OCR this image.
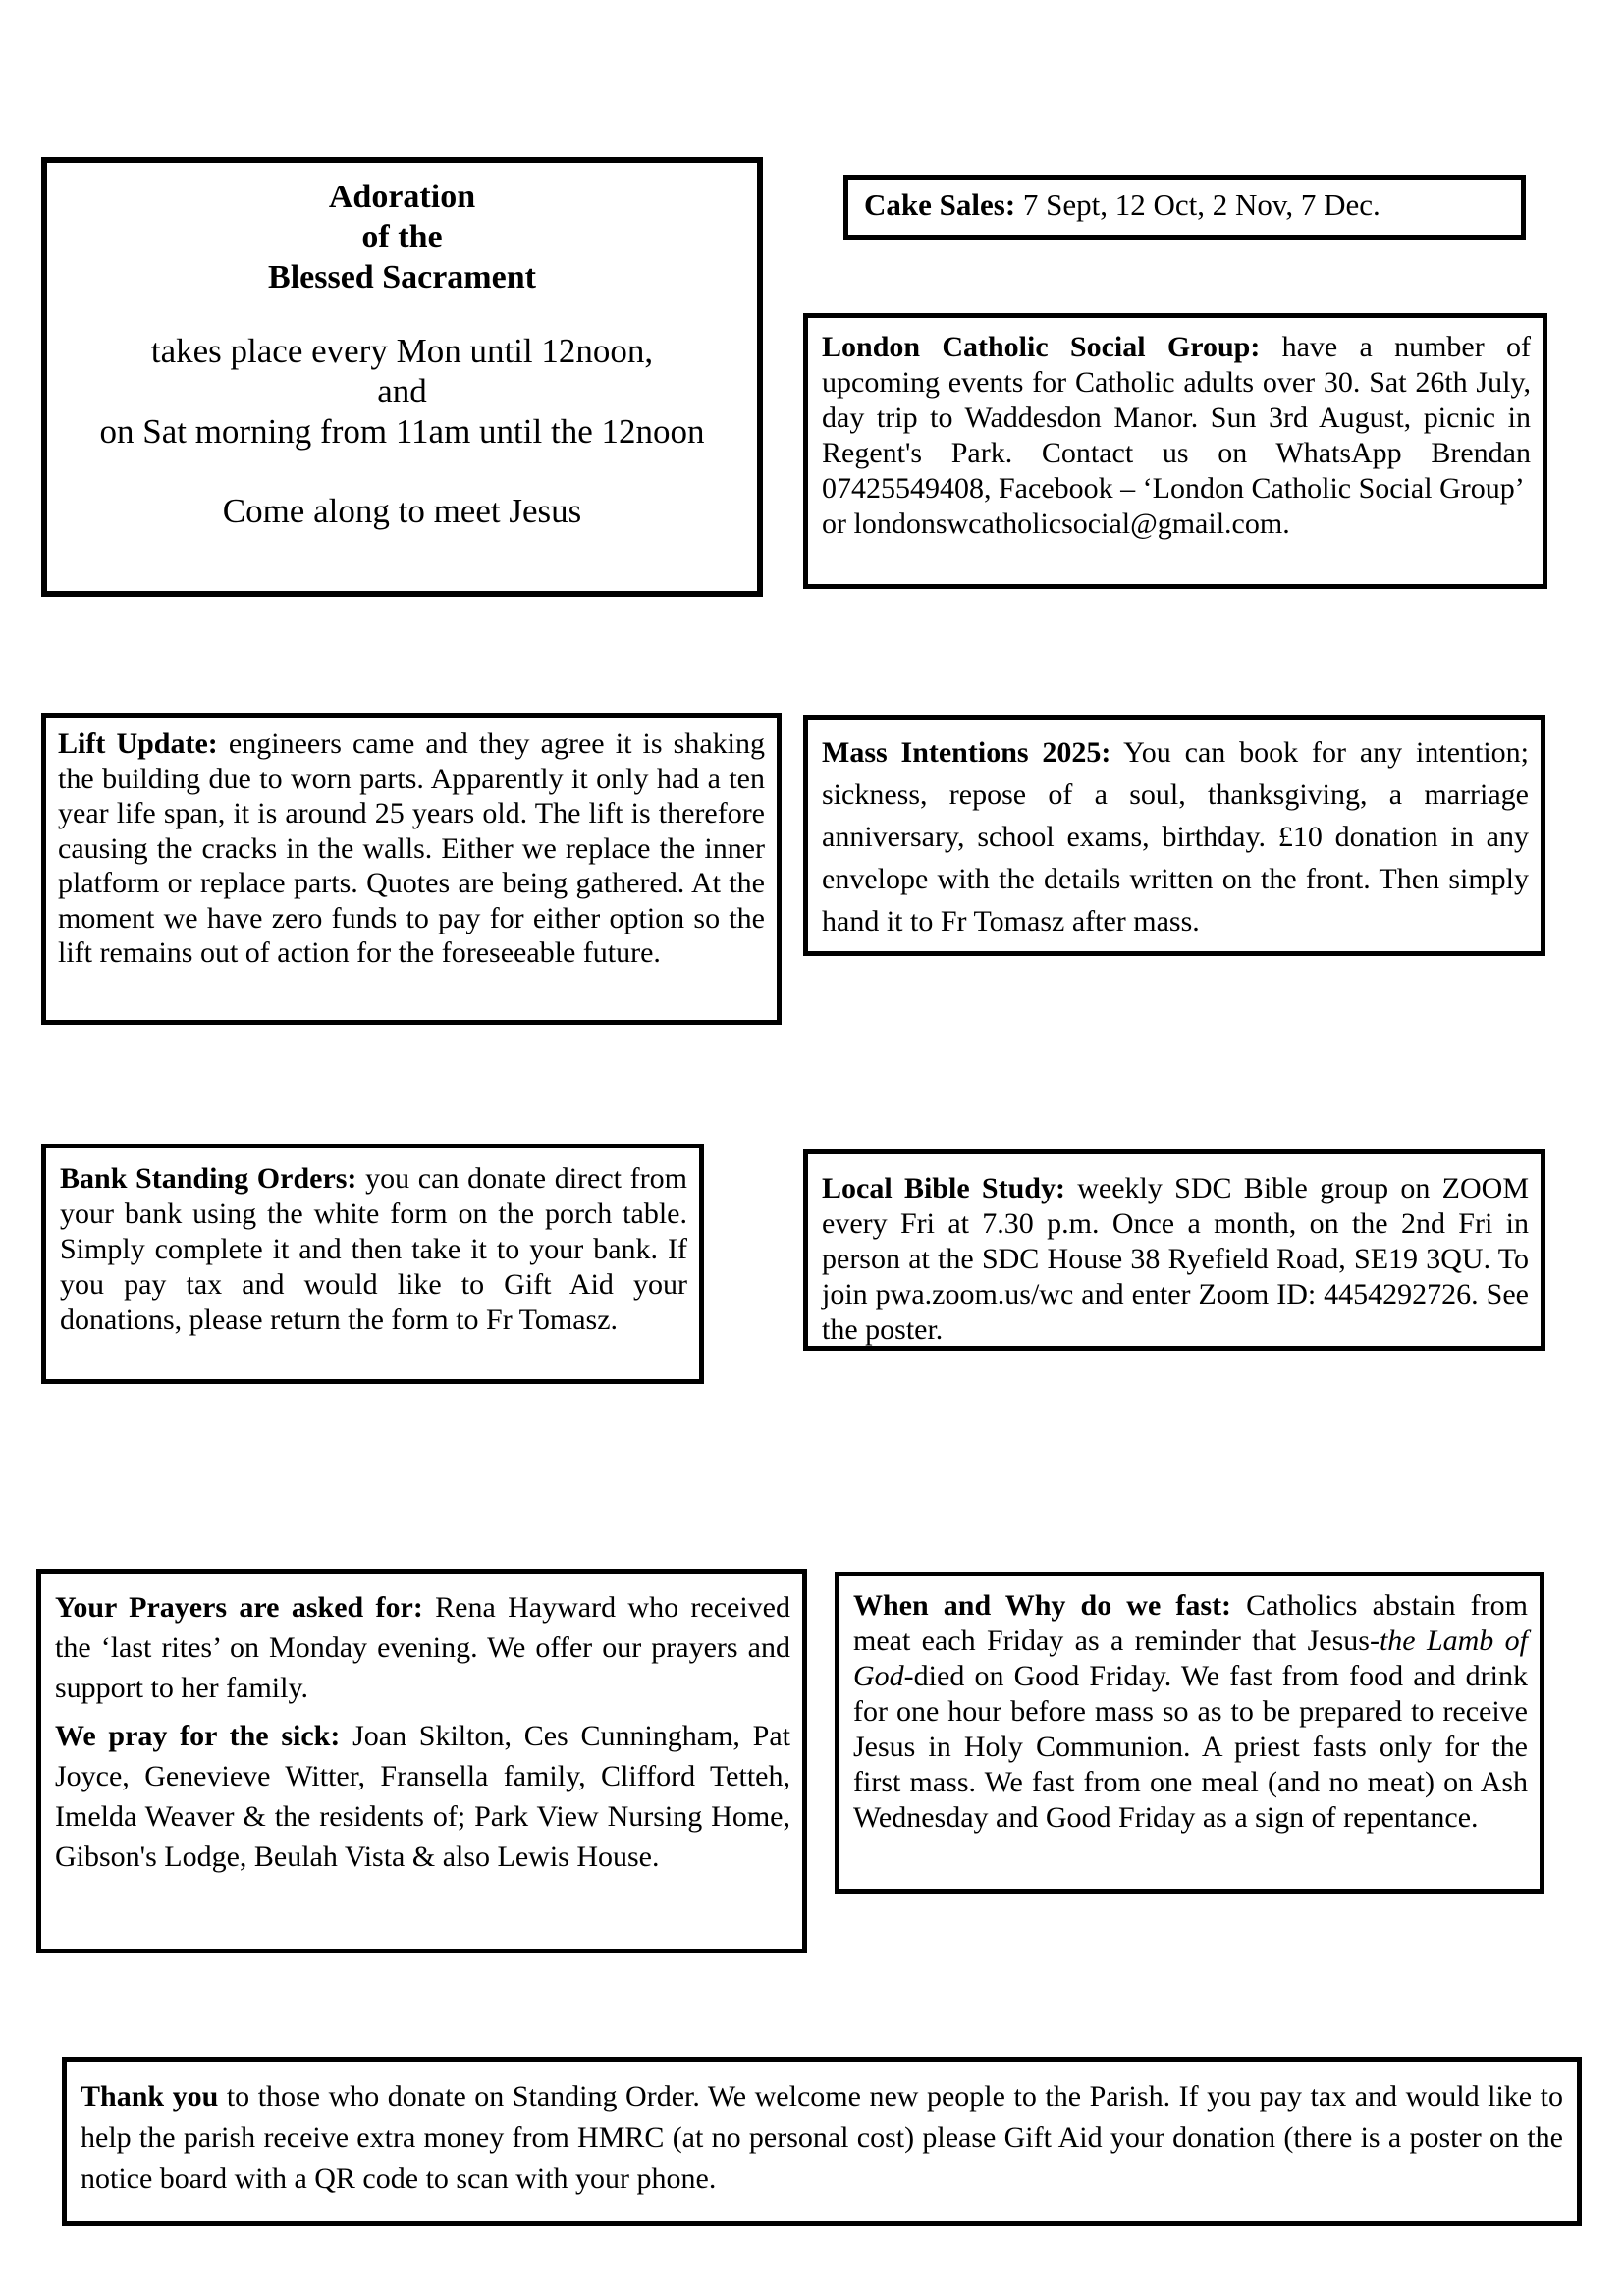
Adoration
of the
Blessed Sacrament
takes place every Mon until 12noon,
and
on Sat morning from 11am until the 12noon
Come along to meet Jesus
Cake Sales: 7 Sept, 12 Oct, 2 Nov, 7 Dec.

London Catholic Social Group: have a number of upcoming events for Catholic adults over 30. Sat 26th July, day trip to Waddesdon Manor. Sun 3rd August, picnic in Regent's Park. Contact us on WhatsApp Brendan 07425549408, Facebook – ‘London Catholic Social Group’

or londonswcatholicsocial@gmail.com.
Lift Update: engineers came and they agree it is shaking the building due to worn parts. Apparently it only had a ten year life span, it is around 25 years old. The lift is therefore causing the cracks in the walls. Either we replace the inner platform or replace parts. Quotes are being gathered. At the moment we have zero funds to pay for either option so the lift remains out of action for the foreseeable future.
Mass Intentions 2025: You can book for any intention; sickness, repose of a soul, thanksgiving, a marriage anniversary, school exams, birthday. £10 donation in any envelope with the details written on the front. Then simply hand it to Fr Tomasz after mass.
Bank Standing Orders: you can donate direct from your bank using the white form on the porch table. Simply complete it and then take it to your bank. If you pay tax and would like to Gift Aid your donations, please return the form to Fr Tomasz.
Local Bible Study: weekly SDC Bible group on ZOOM every Fri at 7.30 p.m. Once a month, on the 2nd Fri in person at the SDC House 38 Ryefield Road, SE19 3QU. To join pwa.zoom.us/wc and enter Zoom ID: 4454292726. See the poster.

Your Prayers are asked for: Rena Hayward who received the ‘last rites’ on Monday evening. We offer our prayers and support to her family.

We pray for the sick: Joan Skilton, Ces Cunningham, Pat Joyce, Genevieve Witter, Fransella family, Clifford Tetteh, Imelda Weaver & the residents of; Park View Nursing Home, Gibson's Lodge, Beulah Vista & also Lewis House.

When and Why do we fast: Catholics abstain from meat each Friday as a reminder that Jesus-the Lamb of God-died on Good Friday. We fast from food and drink for one hour before mass so as to be prepared to receive Jesus in Holy Communion. A priest fasts only for the first mass. We fast from one meal (and no meat) on Ash Wednesday and Good Friday as a sign of repentance.
Thank you to those who donate on Standing Order. We welcome new people to the Parish. If you pay tax and would like to help the parish receive extra money from HMRC (at no personal cost) please Gift Aid your donation (there is a poster on the notice board with a QR code to scan with your phone.
